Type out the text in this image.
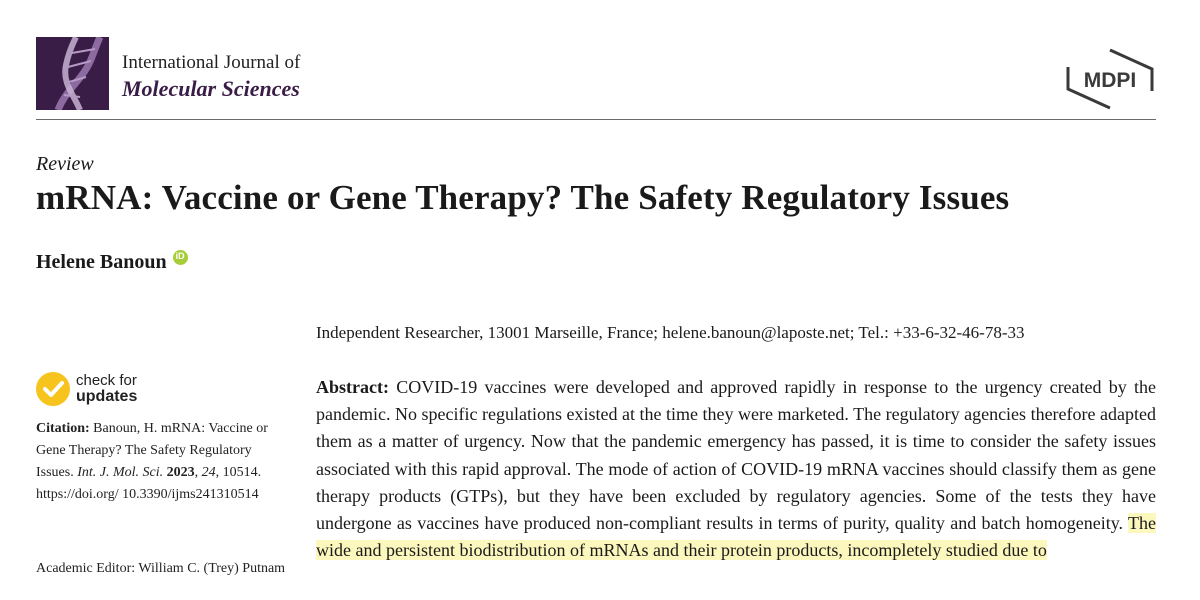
International Journal of
Molecular Sciences	MDPI
Review
mRNA: Vaccine or Gene Therapy? The Safety Regulatory Issues
Helene Banoun	iD
Independent Researcher, 13001 Marseille, France; helene.banoun@laposte.net; Tel.: +33-6-32-46-78-33
check for
updates
Citation: Banoun, H. mRNA: Vaccine or Gene Therapy? The Safety Regulatory Issues. Int. J. Mol. Sci. 2023, 24, 10514. https://doi.org/ 10.3390/ijms241310514
Academic Editor: William C. (Trey) Putnam
Abstract: COVID-19 vaccines were developed and approved rapidly in response to the urgency created by the pandemic. No specific regulations existed at the time they were marketed. The regulatory agencies therefore adapted them as a matter of urgency. Now that the pandemic emergency has passed, it is time to consider the safety issues associated with this rapid approval. The mode of action of COVID-19 mRNA vaccines should classify them as gene therapy products (GTPs), but they have been excluded by regulatory agencies. Some of the tests they have undergone as vaccines have produced non-compliant results in terms of purity, quality and batch homogeneity. The wide and persistent biodistribution of mRNAs and their protein products, incompletely studied due to
